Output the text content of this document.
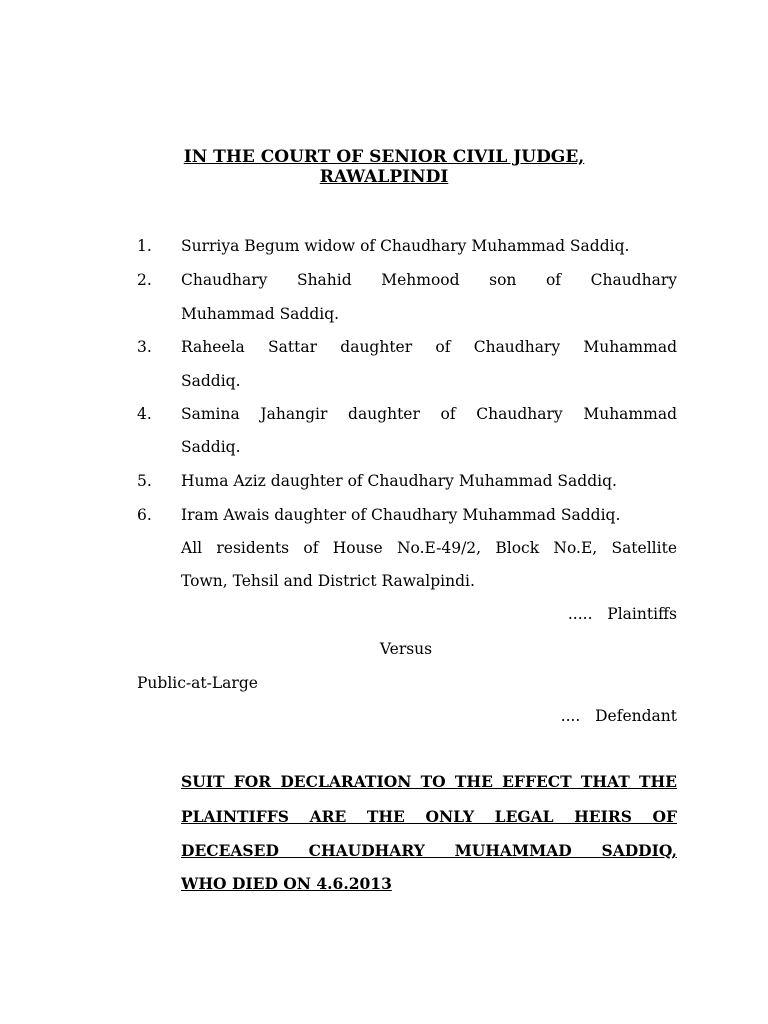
IN THE COURT OF SENIOR CIVIL JUDGE,
RAWALPINDI
1. Surriya Begum widow of Chaudhary Muhammad Saddiq.
2. Chaudhary Shahid Mehmood son of Chaudhary
Muhammad Saddiq.
3. Raheela Sattar daughter of Chaudhary Muhammad
Saddiq.
4. Samina Jahangir daughter of Chaudhary Muhammad
Saddiq.
5. Huma Aziz daughter of Chaudhary Muhammad Saddiq.
6. Iram Awais daughter of Chaudhary Muhammad Saddiq.
All residents of House No.E-49/2, Block No.E, Satellite
Town, Tehsil and District Rawalpindi.
.....   Plaintiffs
Versus
Public-at-Large
....   Defendant
SUIT FOR DECLARATION TO THE EFFECT THAT THE
PLAINTIFFS ARE THE ONLY LEGAL HEIRS OF
DECEASED CHAUDHARY MUHAMMAD SADDIQ,
WHO DIED ON 4.6.2013
